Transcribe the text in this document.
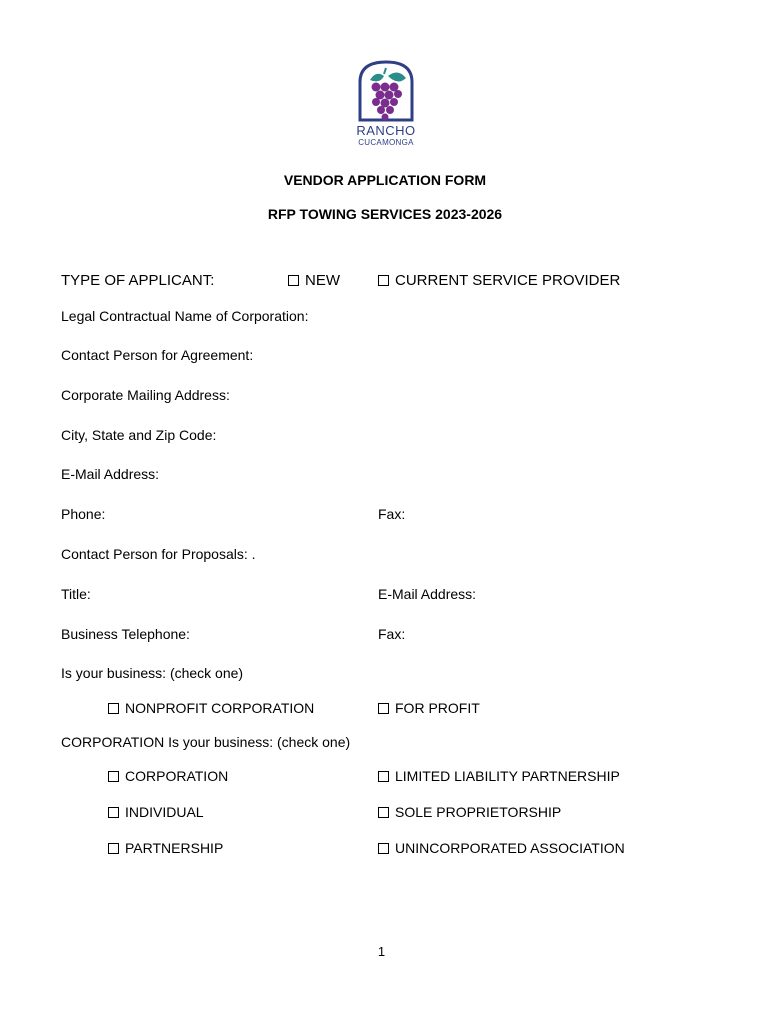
RANCHO
CUCAMONGA
VENDOR APPLICATION FORM
RFP TOWING SERVICES 2023-2026
TYPE OF APPLICANT:	NEW	CURRENT SERVICE PROVIDER
Legal Contractual Name of Corporation:
Contact Person for Agreement:
Corporate Mailing Address:
City, State and Zip Code:
E-Mail Address:
Phone:	Fax:
Contact Person for Proposals: .
Title:	E-Mail Address:
Business Telephone:	Fax:
Is your business: (check one)
NONPROFIT CORPORATION	FOR PROFIT
CORPORATION Is your business: (check one)
CORPORATION	LIMITED LIABILITY PARTNERSHIP
INDIVIDUAL	SOLE PROPRIETORSHIP
PARTNERSHIP	UNINCORPORATED ASSOCIATION
1
